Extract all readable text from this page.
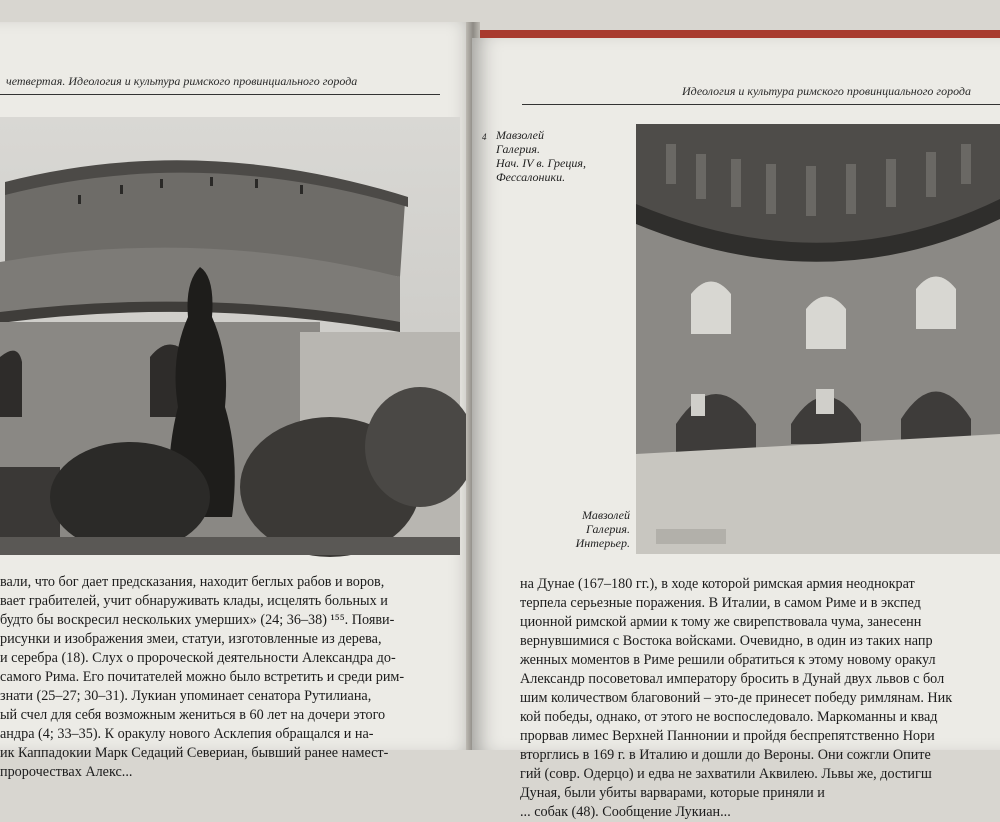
четвертая. Идеология и культура римского провинциального города
вали, что бог дает предсказания, находит беглых рабов и воров,
вает грабителей, учит обнаруживать клады, исцелять больных и
будто бы воскресил нескольких умерших» (24; 36–38) ¹⁵⁵. Появи-
рисунки и изображения змеи, статуи, изготовленные из дерева,
и серебра (18). Слух о пророческой деятельности Александра до-
самого Рима. Его почитателей можно было встретить и среди рим-
знати (25–27; 30–31). Лукиан упоминает сенатора Рутилиана,
ый счел для себя возможным жениться в 60 лет на дочери этого
андра (4; 33–35). К оракулу нового Асклепия обращался и на-
ик Каппадокии Марк Седаций Севериан, бывший ранее намест-
пророчествах Алекс...
Идеология и культура римского провинциального города
4 Мавзолей
Галерия.
Нач. IV в. Греция,
Фессалоники.
Мавзолей
Галерия.
Интерьер.
на Дунае (167–180 гг.), в ходе которой римская армия неоднократ
терпела серьезные поражения. В Италии, в самом Риме и в экспед
ционной римской армии к тому же свирепствовала чума, занесенн
вернувшимися с Востока войсками. Очевидно, в один из таких напр
женных моментов в Риме решили обратиться к этому новому оракул
Александр посоветовал императору бросить в Дунай двух львов с бол
шим количеством благовоний – это-де принесет победу римлянам. Ник
кой победы, однако, от этого не воспоследовало. Маркоманны и квад
прорвав лимес Верхней Паннонии и пройдя беспрепятственно Нори
вторглись в 169 г. в Италию и дошли до Вероны. Они сожгли Опите
гий (совр. Одерцо) и едва не захватили Аквилею. Львы же, достигш
Дуная, были убиты варварами, которые приняли и
... собак (48). Сообщение Лукиан...
